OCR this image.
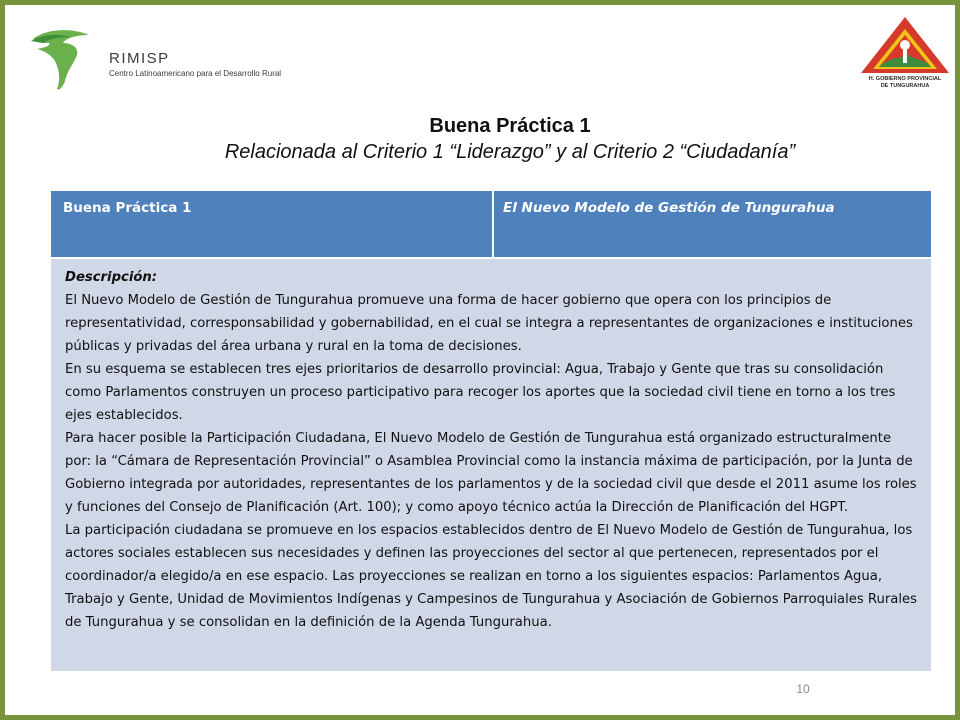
RIMISP
Centro Latinoamericano para el Desarrollo Rural
H. GOBIERNO PROVINCIAL
DE TUNGURAHUA
Buena Práctica 1
Relacionada al Criterio 1 “Liderazgo” y al Criterio 2 “Ciudadanía”
Buena Práctica 1	El Nuevo Modelo de Gestión de Tungurahua

Descripción:

El Nuevo Modelo de Gestión de Tungurahua promueve una forma de hacer gobierno que opera con los principios de representatividad, corresponsabilidad y gobernabilidad, en el cual se integra a representantes de organizaciones e instituciones públicas y privadas del área urbana y rural en la toma de decisiones.

En su esquema se establecen tres ejes prioritarios de desarrollo provincial: Agua, Trabajo y Gente que tras su consolidación como Parlamentos construyen un proceso participativo para recoger los aportes que la sociedad civil tiene en torno a los tres ejes establecidos.

Para hacer posible la Participación Ciudadana, El Nuevo Modelo de Gestión de Tungurahua está organizado estructuralmente por: la “Cámara de Representación Provincial” o Asamblea Provincial como la instancia máxima de participación, por la Junta de Gobierno integrada por autoridades, representantes de los parlamentos y de la sociedad civil que desde el 2011 asume los roles y funciones del Consejo de Planificación (Art. 100); y como apoyo técnico actúa la Dirección de Planificación del HGPT.

La participación ciudadana se promueve en los espacios establecidos dentro de El Nuevo Modelo de Gestión de Tungurahua, los actores sociales establecen sus necesidades y definen las proyecciones del sector al que pertenecen, representados por el coordinador/a elegido/a en ese espacio. Las proyecciones se realizan en torno a los siguientes espacios: Parlamentos Agua, Trabajo y Gente, Unidad de Movimientos Indígenas y Campesinos de Tungurahua y Asociación de Gobiernos Parroquiales Rurales de Tungurahua y se consolidan en la definición de la Agenda Tungurahua.

10
